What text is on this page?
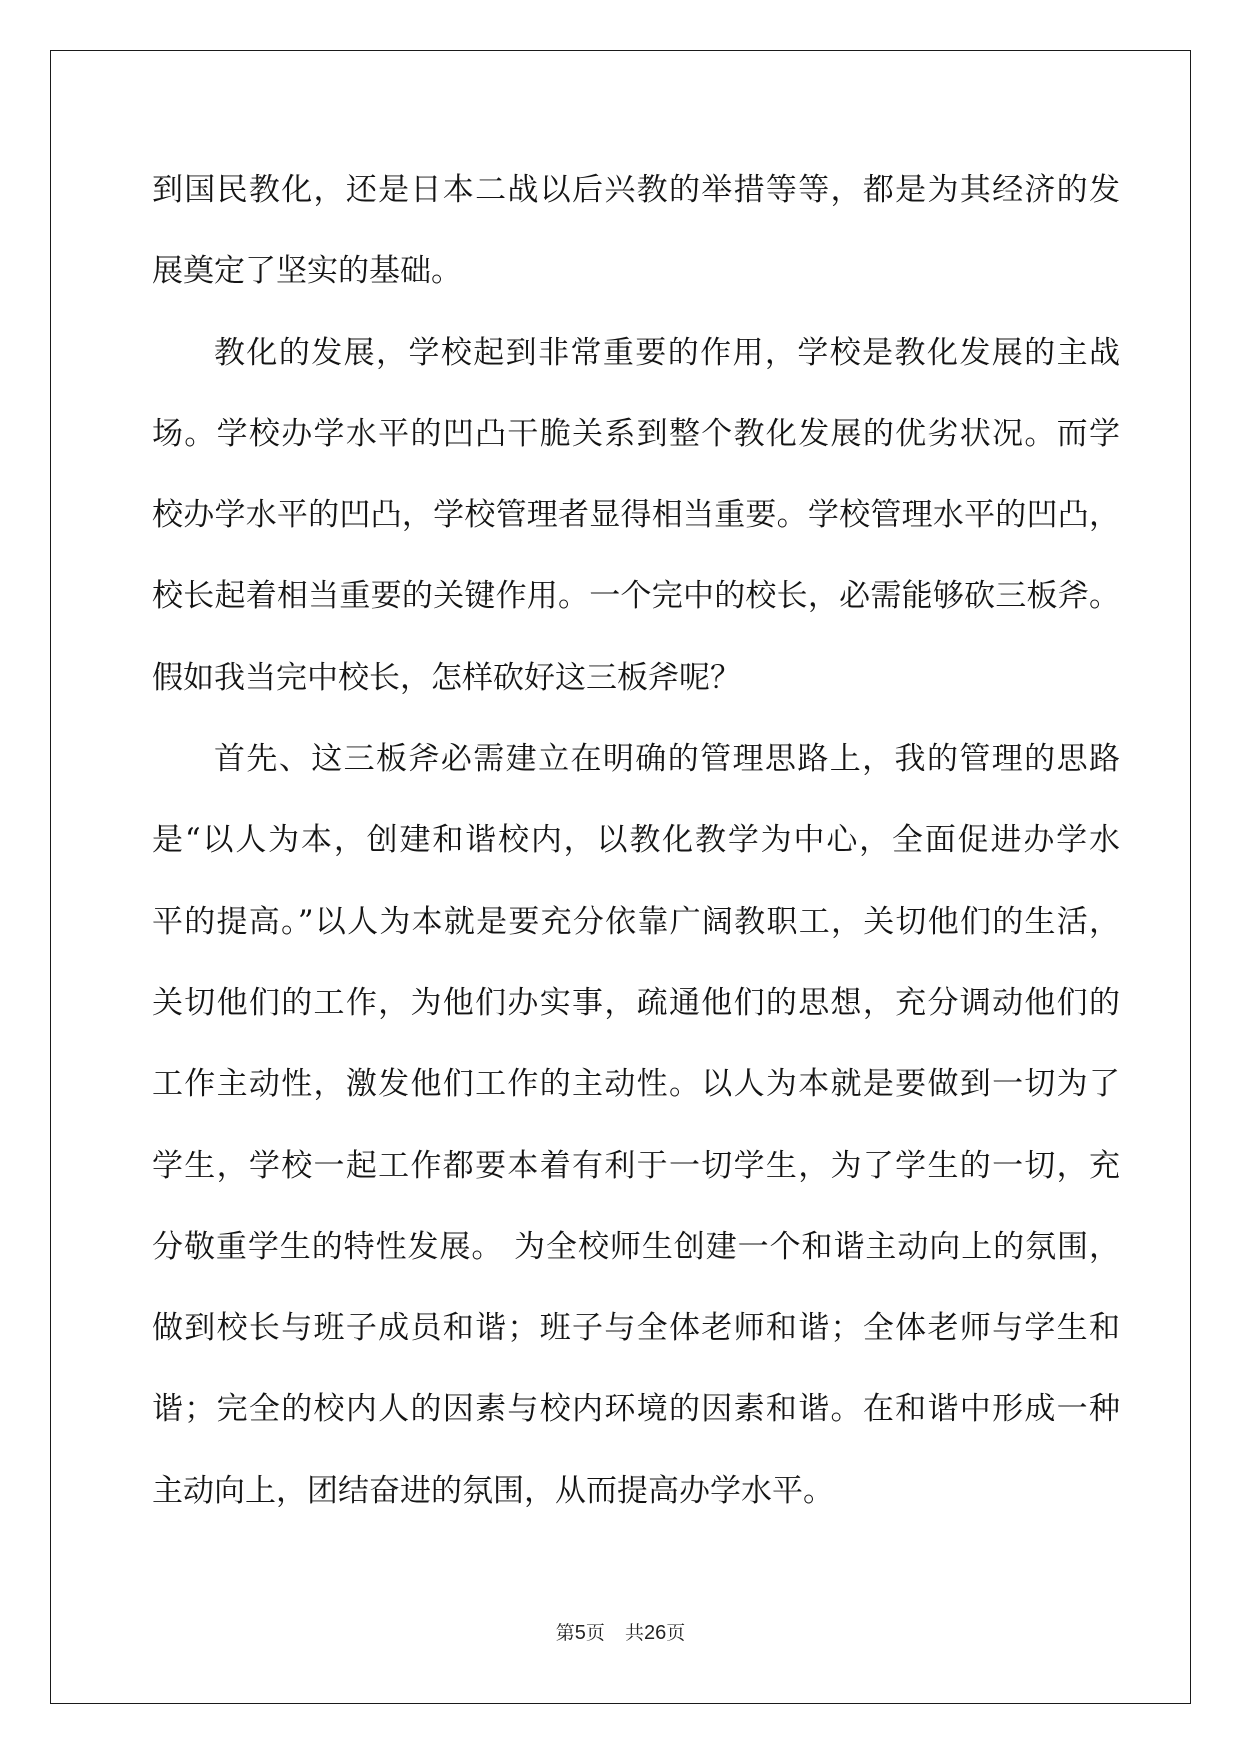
到国民教化，还是日本二战以后兴教的举措等等，都是为其经济的发
展奠定了坚实的基础。
教化的发展，学校起到非常重要的作用，学校是教化发展的主战
场。学校办学水平的凹凸干脆关系到整个教化发展的优劣状况。而学
校办学水平的凹凸，学校管理者显得相当重要。学校管理水平的凹凸，
校长起着相当重要的关键作用。一个完中的校长，必需能够砍三板斧。
假如我当完中校长，怎样砍好这三板斧呢？
首先、这三板斧必需建立在明确的管理思路上，我的管理的思路
是“以人为本，创建和谐校内，以教化教学为中心，全面促进办学水
平的提高。”以人为本就是要充分依靠广阔教职工，关切他们的生活，
关切他们的工作，为他们办实事，疏通他们的思想，充分调动他们的
工作主动性，激发他们工作的主动性。以人为本就是要做到一切为了
学生，学校一起工作都要本着有利于一切学生，为了学生的一切，充
分敬重学生的特性发展。 为全校师生创建一个和谐主动向上的氛围，
做到校长与班子成员和谐；班子与全体老师和谐；全体老师与学生和
谐；完全的校内人的因素与校内环境的因素和谐。在和谐中形成一种
主动向上，团结奋进的氛围，从而提高办学水平。
第5页 共26页
